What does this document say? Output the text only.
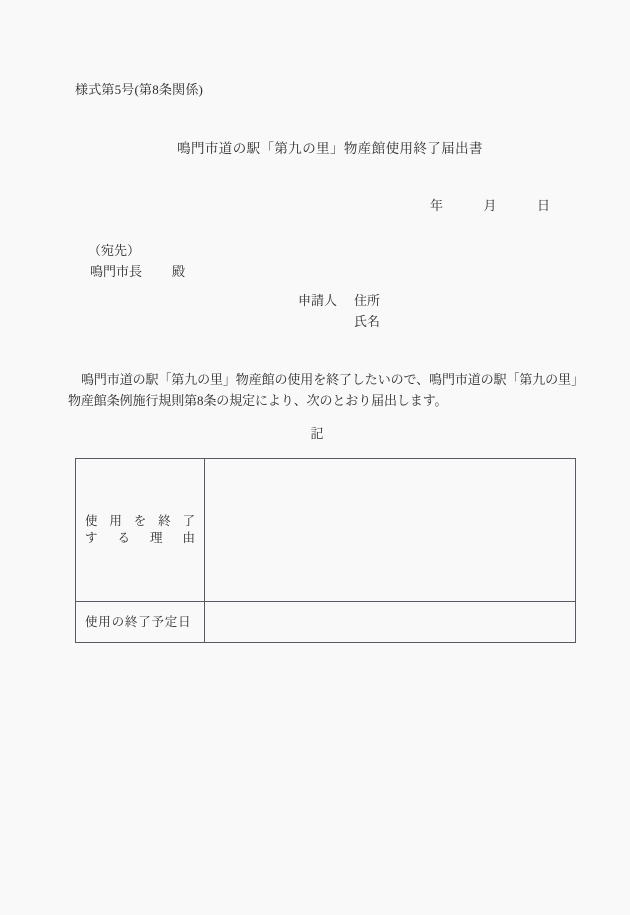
様式第5号(第8条関係)
鳴門市道の駅「第九の里」物産館使用終了届出書
年	月	日
（宛先）
鳴門市長 殿
申請人 住所
氏名
鳴門市道の駅「第九の里」物産館の使用を終了したいので、鳴門市道の駅「第九の里」
物産館条例施行規則第8条の規定により、次のとおり届出します。
記
使用を終了
する理由	

使用の終了予定日	
